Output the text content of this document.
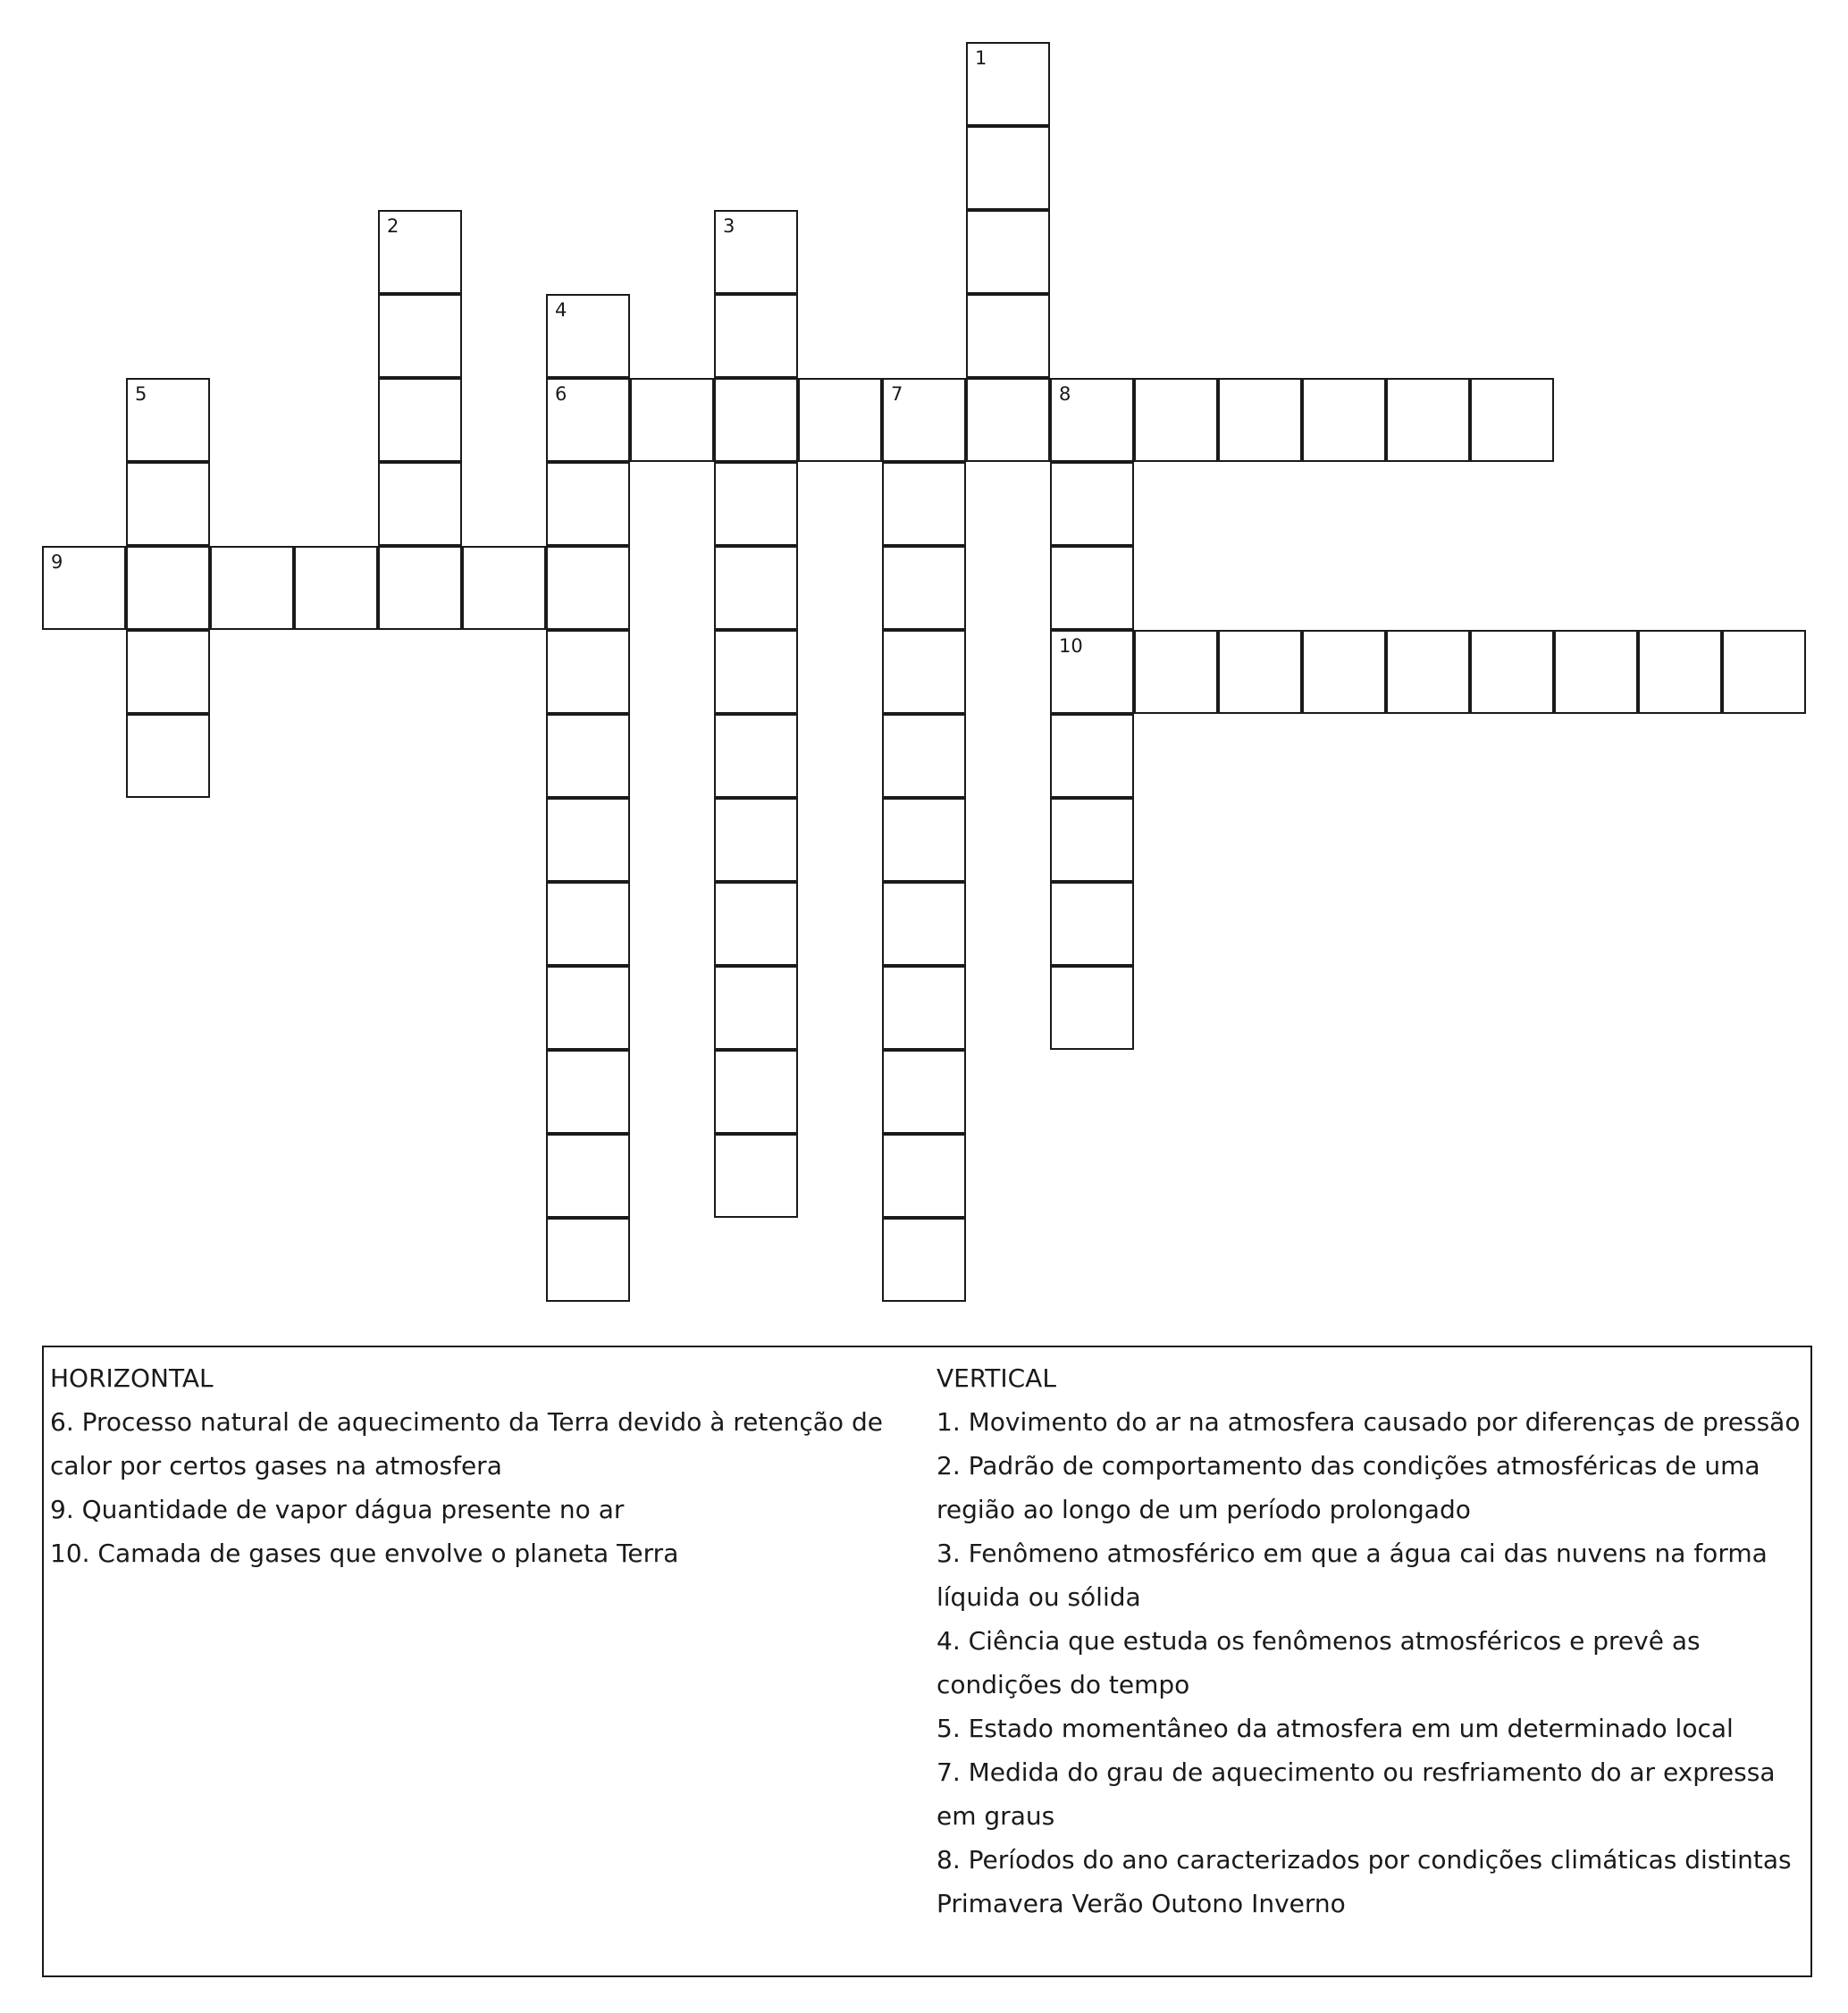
1
2	3
4
5	6	7	8
9
10

HORIZONTAL

6. Processo natural de aquecimento da Terra devido à retenção de calor por certos gases na atmosfera

9. Quantidade de vapor dágua presente no ar

10. Camada de gases que envolve o planeta Terra

VERTICAL

1. Movimento do ar na atmosfera causado por diferenças de pressão

2. Padrão de comportamento das condições atmosféricas de uma região ao longo de um período prolongado

3. Fenômeno atmosférico em que a água cai das nuvens na forma líquida ou sólida

4. Ciência que estuda os fenômenos atmosféricos e prevê as condições do tempo

5. Estado momentâneo da atmosfera em um determinado local

7. Medida do grau de aquecimento ou resfriamento do ar expressa em graus

8. Períodos do ano caracterizados por condições climáticas distintas

Primavera Verão Outono Inverno
